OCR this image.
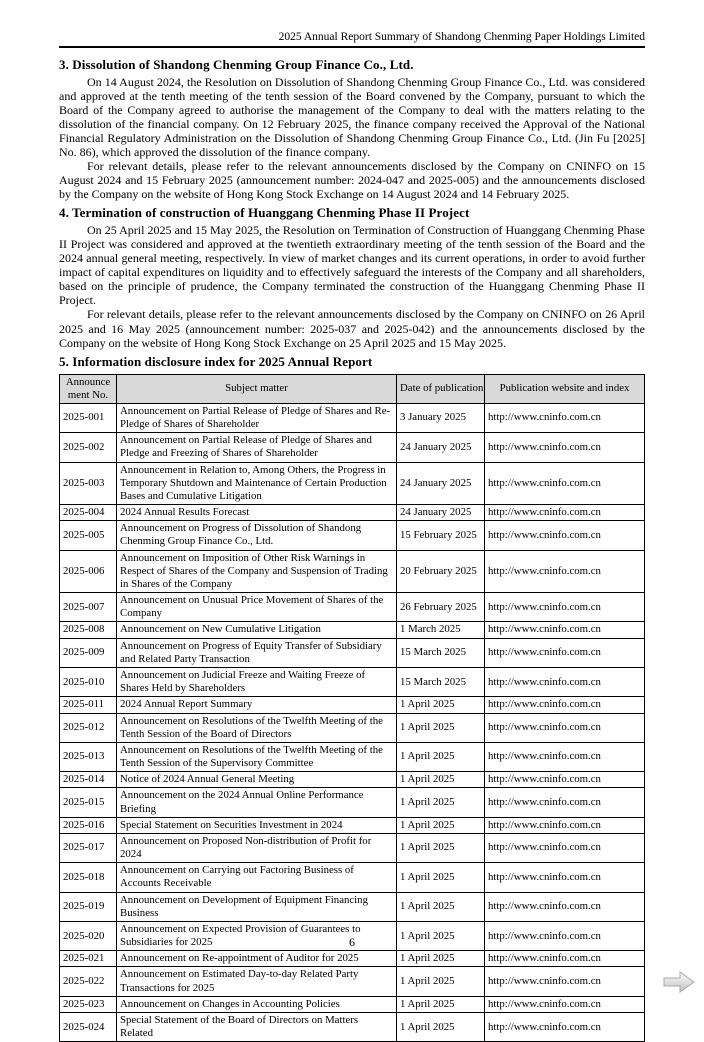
2025 Annual Report Summary of Shandong Chenming Paper Holdings Limited
3. Dissolution of Shandong Chenming Group Finance Co., Ltd.

On 14 August 2024, the Resolution on Dissolution of Shandong Chenming Group Finance Co., Ltd. was considered and approved at the tenth meeting of the tenth session of the Board convened by the Company, pursuant to which the Board of the Company agreed to authorise the management of the Company to deal with the matters relating to the dissolution of the financial company. On 12 February 2025, the finance company received the Approval of the National Financial Regulatory Administration on the Dissolution of Shandong Chenming Group Finance Co., Ltd. (Jin Fu [2025] No. 86), which approved the dissolution of the finance company.

For relevant details, please refer to the relevant announcements disclosed by the Company on CNINFO on 15 August 2024 and 15 February 2025 (announcement number: 2024-047 and 2025-005) and the announcements disclosed by the Company on the website of Hong Kong Stock Exchange on 14 August 2024 and 14 February 2025.

4. Termination of construction of Huanggang Chenming Phase II Project

On 25 April 2025 and 15 May 2025, the Resolution on Termination of Construction of Huanggang Chenming Phase II Project was considered and approved at the twentieth extraordinary meeting of the tenth session of the Board and the 2024 annual general meeting, respectively. In view of market changes and its current operations, in order to avoid further impact of capital expenditures on liquidity and to effectively safeguard the interests of the Company and all shareholders, based on the principle of prudence, the Company terminated the construction of the Huanggang Chenming Phase II Project.

For relevant details, please refer to the relevant announcements disclosed by the Company on CNINFO on 26 April 2025 and 16 May 2025 (announcement number: 2025-037 and 2025-042) and the announcements disclosed by the Company on the website of Hong Kong Stock Exchange on 25 April 2025 and 15 May 2025.

5. Information disclosure index for 2025 Annual Report
Announcement No.	Subject matter	Date of publication	Publication website and index
2025-001	Announcement on Partial Release of Pledge of Shares and Re-Pledge of Shares of Shareholder	3 January 2025	http://www.cninfo.com.cn
2025-002	Announcement on Partial Release of Pledge of Shares and Pledge and Freezing of Shares of Shareholder	24 January 2025	http://www.cninfo.com.cn
2025-003	Announcement in Relation to, Among Others, the Progress in Temporary Shutdown and Maintenance of Certain Production Bases and Cumulative Litigation	24 January 2025	http://www.cninfo.com.cn
2025-004	2024 Annual Results Forecast	24 January 2025	http://www.cninfo.com.cn
2025-005	Announcement on Progress of Dissolution of Shandong Chenming Group Finance Co., Ltd.	15 February 2025	http://www.cninfo.com.cn
2025-006	Announcement on Imposition of Other Risk Warnings in Respect of Shares of the Company and Suspension of Trading in Shares of the Company	20 February 2025	http://www.cninfo.com.cn
2025-007	Announcement on Unusual Price Movement of Shares of the Company	26 February 2025	http://www.cninfo.com.cn
2025-008	Announcement on New Cumulative Litigation	1 March 2025	http://www.cninfo.com.cn
2025-009	Announcement on Progress of Equity Transfer of Subsidiary and Related Party Transaction	15 March 2025	http://www.cninfo.com.cn
2025-010	Announcement on Judicial Freeze and Waiting Freeze of Shares Held by Shareholders	15 March 2025	http://www.cninfo.com.cn
2025-011	2024 Annual Report Summary	1 April 2025	http://www.cninfo.com.cn
2025-012	Announcement on Resolutions of the Twelfth Meeting of the Tenth Session of the Board of Directors	1 April 2025	http://www.cninfo.com.cn
2025-013	Announcement on Resolutions of the Twelfth Meeting of the Tenth Session of the Supervisory Committee	1 April 2025	http://www.cninfo.com.cn
2025-014	Notice of 2024 Annual General Meeting	1 April 2025	http://www.cninfo.com.cn
2025-015	Announcement on the 2024 Annual Online Performance Briefing	1 April 2025	http://www.cninfo.com.cn
2025-016	Special Statement on Securities Investment in 2024	1 April 2025	http://www.cninfo.com.cn
2025-017	Announcement on Proposed Non-distribution of Profit for 2024	1 April 2025	http://www.cninfo.com.cn
2025-018	Announcement on Carrying out Factoring Business of Accounts Receivable	1 April 2025	http://www.cninfo.com.cn
2025-019	Announcement on Development of Equipment Financing Business	1 April 2025	http://www.cninfo.com.cn
2025-020	Announcement on Expected Provision of Guarantees to Subsidiaries for 2025	1 April 2025	http://www.cninfo.com.cn
2025-021	Announcement on Re-appointment of Auditor for 2025	1 April 2025	http://www.cninfo.com.cn
2025-022	Announcement on Estimated Day-to-day Related Party Transactions for 2025	1 April 2025	http://www.cninfo.com.cn
2025-023	Announcement on Changes in Accounting Policies	1 April 2025	http://www.cninfo.com.cn
2025-024	Special Statement of the Board of Directors on Matters Related	1 April 2025	http://www.cninfo.com.cn
6
